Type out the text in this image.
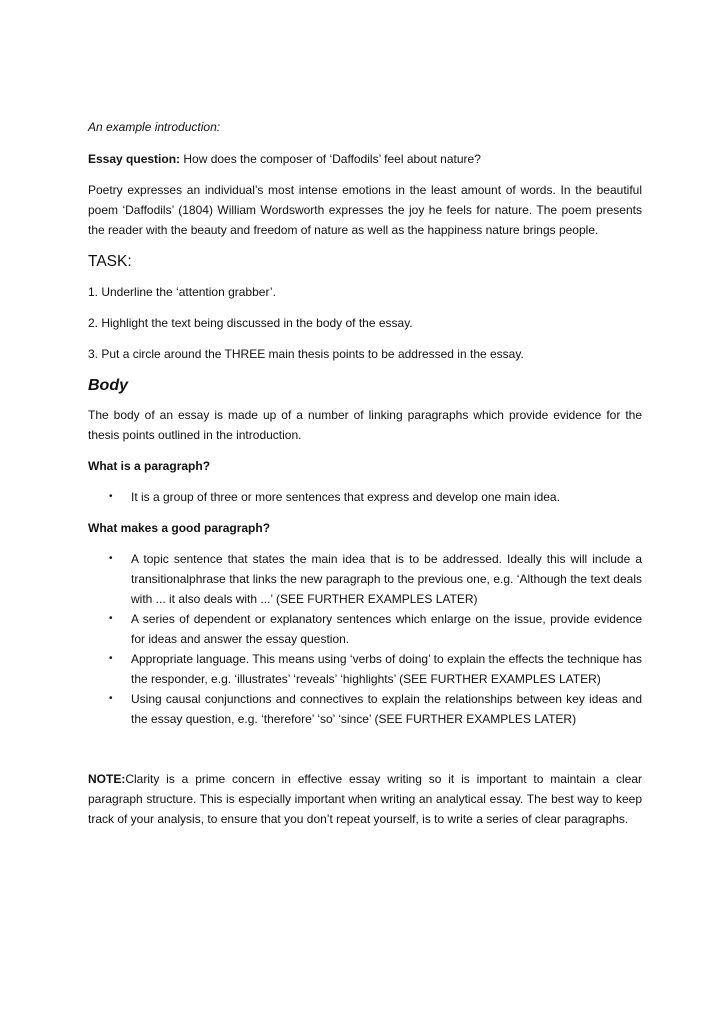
An example introduction:

Essay question: How does the composer of ‘Daffodils’ feel about nature?

Poetry expresses an individual’s most intense emotions in the least amount of words. In the beautiful poem ‘Daffodils’ (1804) William Wordsworth expresses the joy he feels for nature. The poem presents the reader with the beauty and freedom of nature as well as the happiness nature brings people.

TASK:

1. Underline the ‘attention grabber’.

2. Highlight the text being discussed in the body of the essay.

3. Put a circle around the THREE main thesis points to be addressed in the essay.

Body

The body of an essay is made up of a number of linking paragraphs which provide evidence for the thesis points outlined in the introduction.

What is a paragraph?

•	It is a group of three or more sentences that express and develop one main idea.

What makes a good paragraph?

•	A topic sentence that states the main idea that is to be addressed. Ideally this will include a transitionalphrase that links the new paragraph to the previous one, e.g. ‘Although the text deals with ... it also deals with ...’ (SEE FURTHER EXAMPLES LATER)
•	A series of dependent or explanatory sentences which enlarge on the issue, provide evidence for ideas and answer the essay question.
•	Appropriate language. This means using ‘verbs of doing’ to explain the effects the technique has the responder, e.g. ‘illustrates’ ‘reveals’ ‘highlights’ (SEE FURTHER EXAMPLES LATER)
•	Using causal conjunctions and connectives to explain the relationships between key ideas and the essay question, e.g. ‘therefore’ ‘so’ ‘since’ (SEE FURTHER EXAMPLES LATER)

NOTE:Clarity is a prime concern in effective essay writing so it is important to maintain a clear paragraph structure. This is especially important when writing an analytical essay. The best way to keep track of your analysis, to ensure that you don’t repeat yourself, is to write a series of clear paragraphs.
